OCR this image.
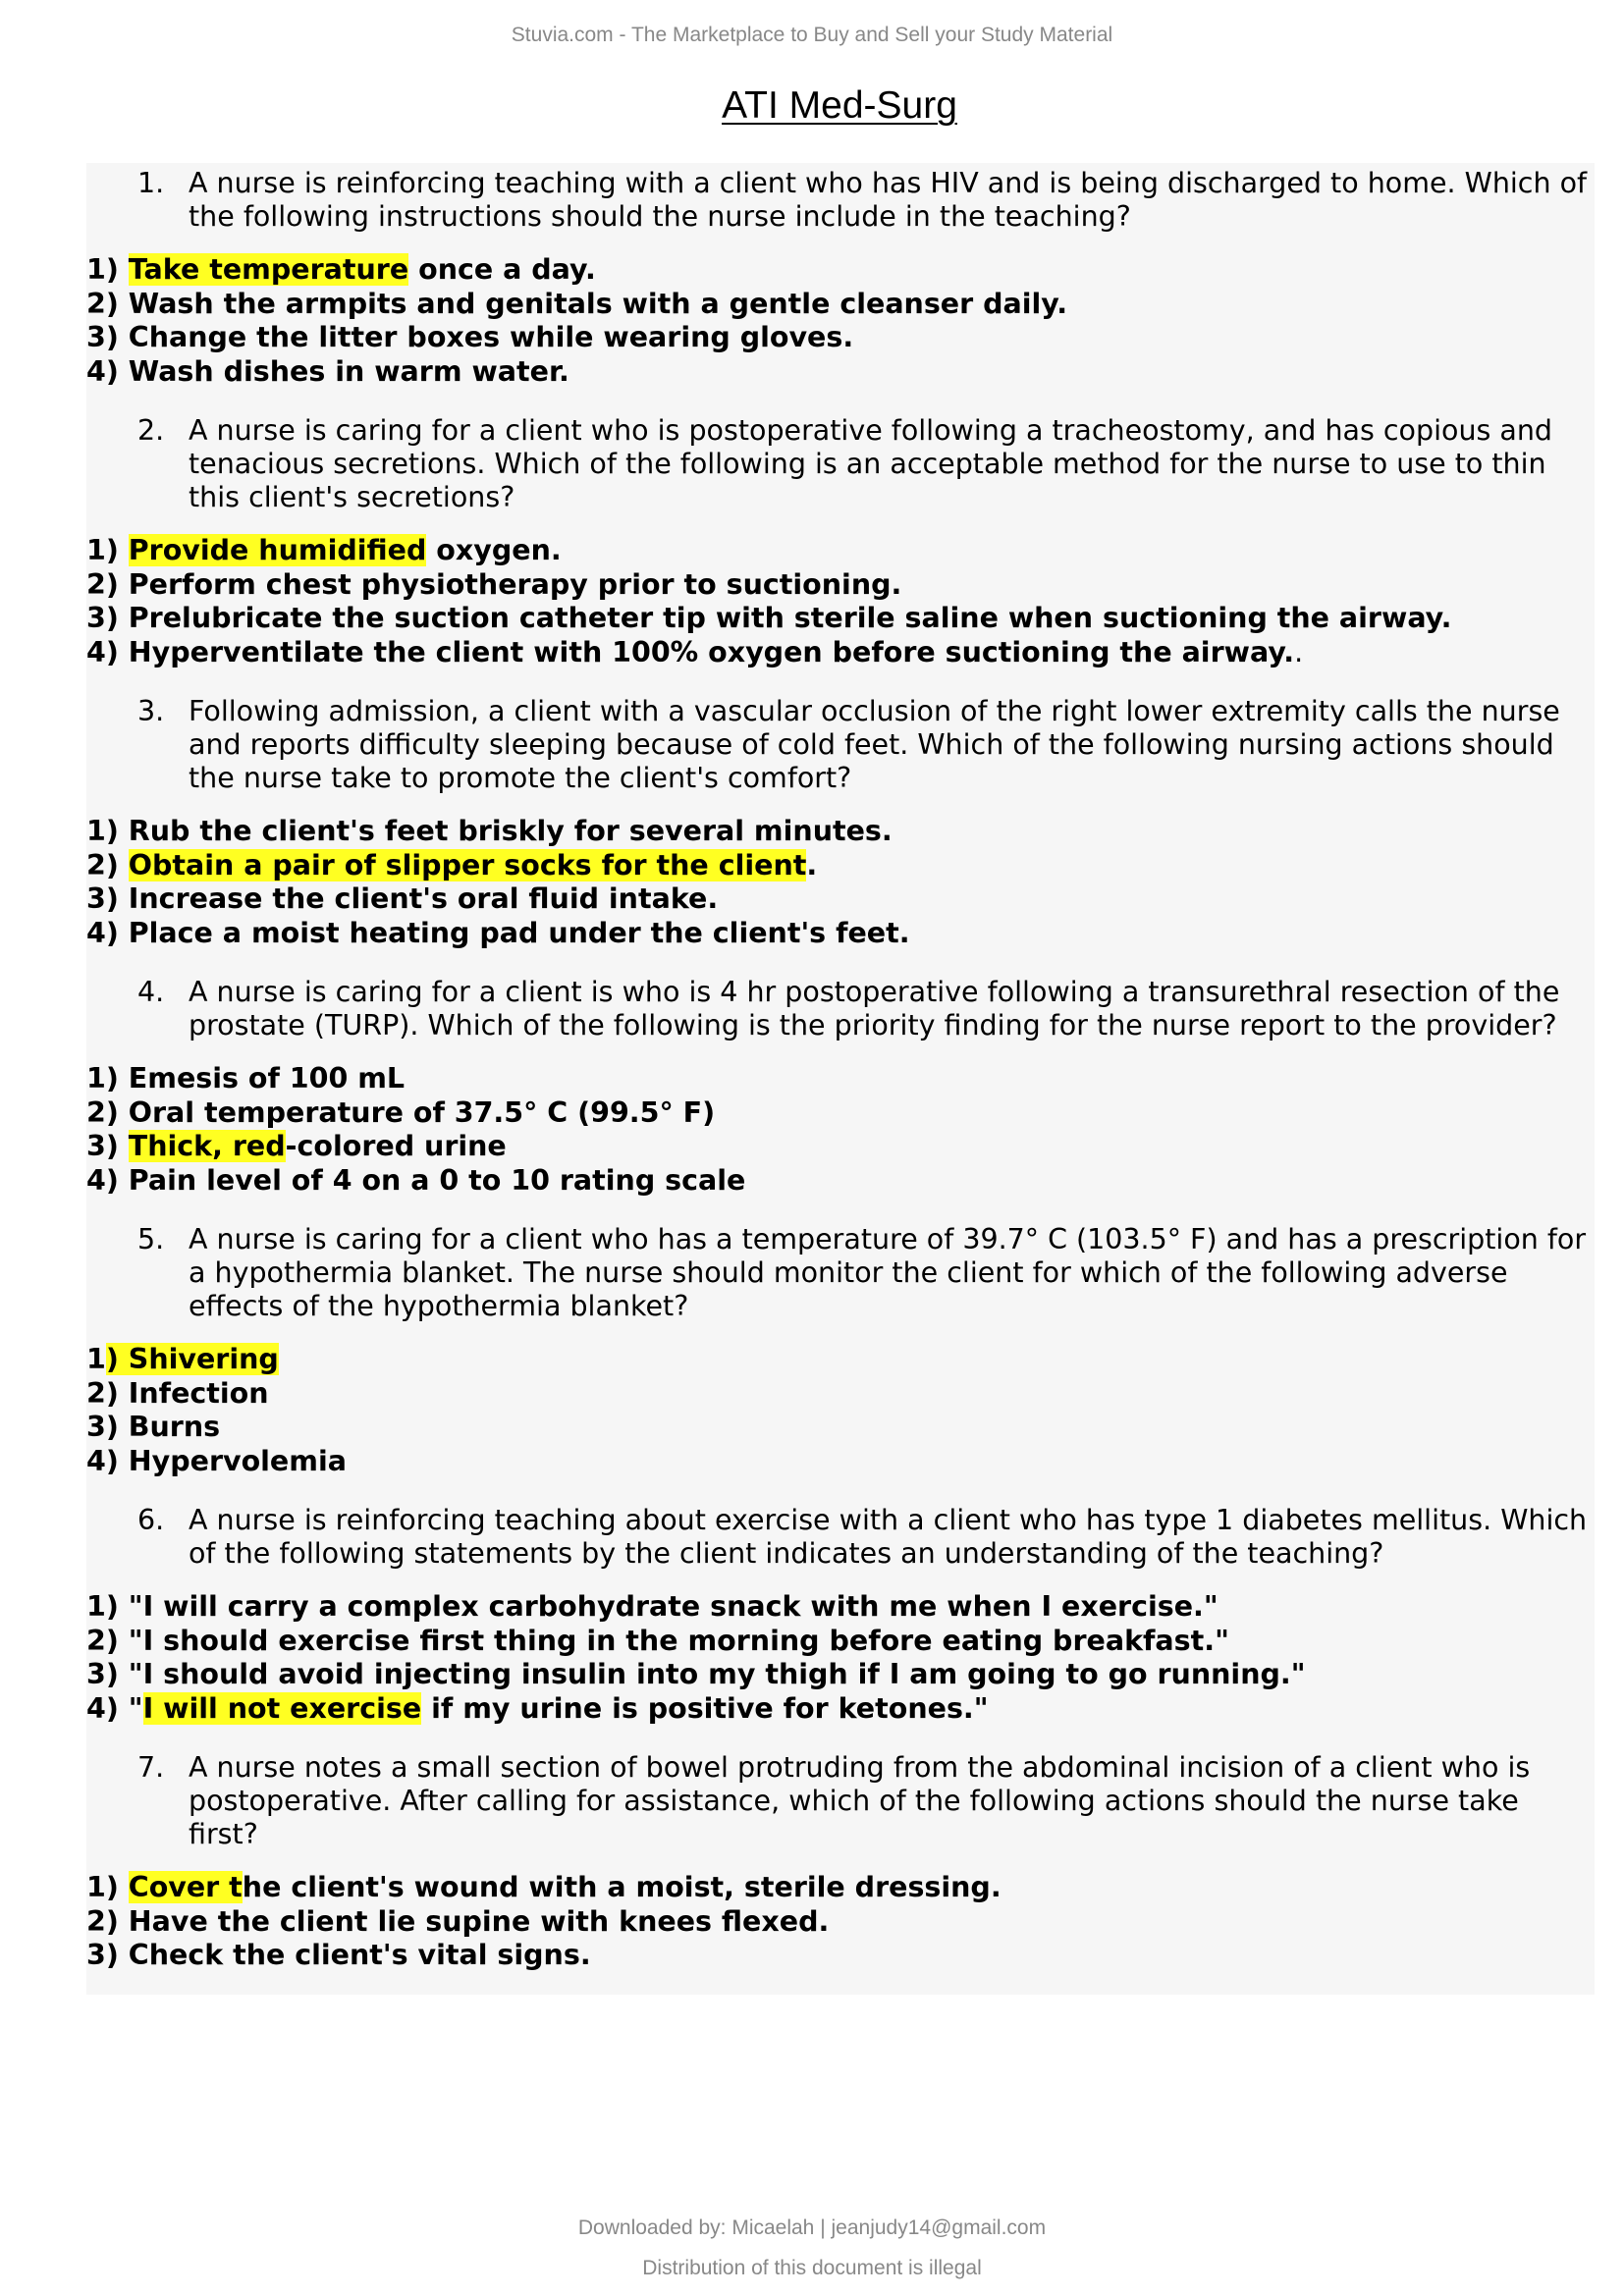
Stuvia.com - The Marketplace to Buy and Sell your Study Material
ATI Med-Surg
1. A nurse is reinforcing teaching with a client who has HIV and is being discharged to home. Which of the following instructions should the nurse include in the teaching?
1) Take temperature once a day.
2) Wash the armpits and genitals with a gentle cleanser daily.
3) Change the litter boxes while wearing gloves.
4) Wash dishes in warm water.
2. A nurse is caring for a client who is postoperative following a tracheostomy, and has copious and tenacious secretions. Which of the following is an acceptable method for the nurse to use to thin this client's secretions?
1) Provide humidified oxygen.
2) Perform chest physiotherapy prior to suctioning.
3) Prelubricate the suction catheter tip with sterile saline when suctioning the airway.
4) Hyperventilate the client with 100% oxygen before suctioning the airway..
3. Following admission, a client with a vascular occlusion of the right lower extremity calls the nurse and reports difficulty sleeping because of cold feet. Which of the following nursing actions should the nurse take to promote the client's comfort?
1) Rub the client's feet briskly for several minutes.
2) Obtain a pair of slipper socks for the client.
3) Increase the client's oral fluid intake.
4) Place a moist heating pad under the client's feet.
4. A nurse is caring for a client is who is 4 hr postoperative following a transurethral resection of the prostate (TURP). Which of the following is the priority finding for the nurse report to the provider?
1) Emesis of 100 mL
2) Oral temperature of 37.5° C (99.5° F)
3) Thick, red-colored urine
4) Pain level of 4 on a 0 to 10 rating scale
5. A nurse is caring for a client who has a temperature of 39.7° C (103.5° F) and has a prescription for a hypothermia blanket. The nurse should monitor the client for which of the following adverse effects of the hypothermia blanket?
1) Shivering
2) Infection
3) Burns
4) Hypervolemia
6. A nurse is reinforcing teaching about exercise with a client who has type 1 diabetes mellitus. Which of the following statements by the client indicates an understanding of the teaching?
1) "I will carry a complex carbohydrate snack with me when I exercise."
2) "I should exercise first thing in the morning before eating breakfast."
3) "I should avoid injecting insulin into my thigh if I am going to go running."
4) "I will not exercise if my urine is positive for ketones."
7. A nurse notes a small section of bowel protruding from the abdominal incision of a client who is postoperative. After calling for assistance, which of the following actions should the nurse take first?
1) Cover the client's wound with a moist, sterile dressing.
2) Have the client lie supine with knees flexed.
3) Check the client's vital signs.
Downloaded by: Micaelah | jeanjudy14@gmail.com
Distribution of this document is illegal
